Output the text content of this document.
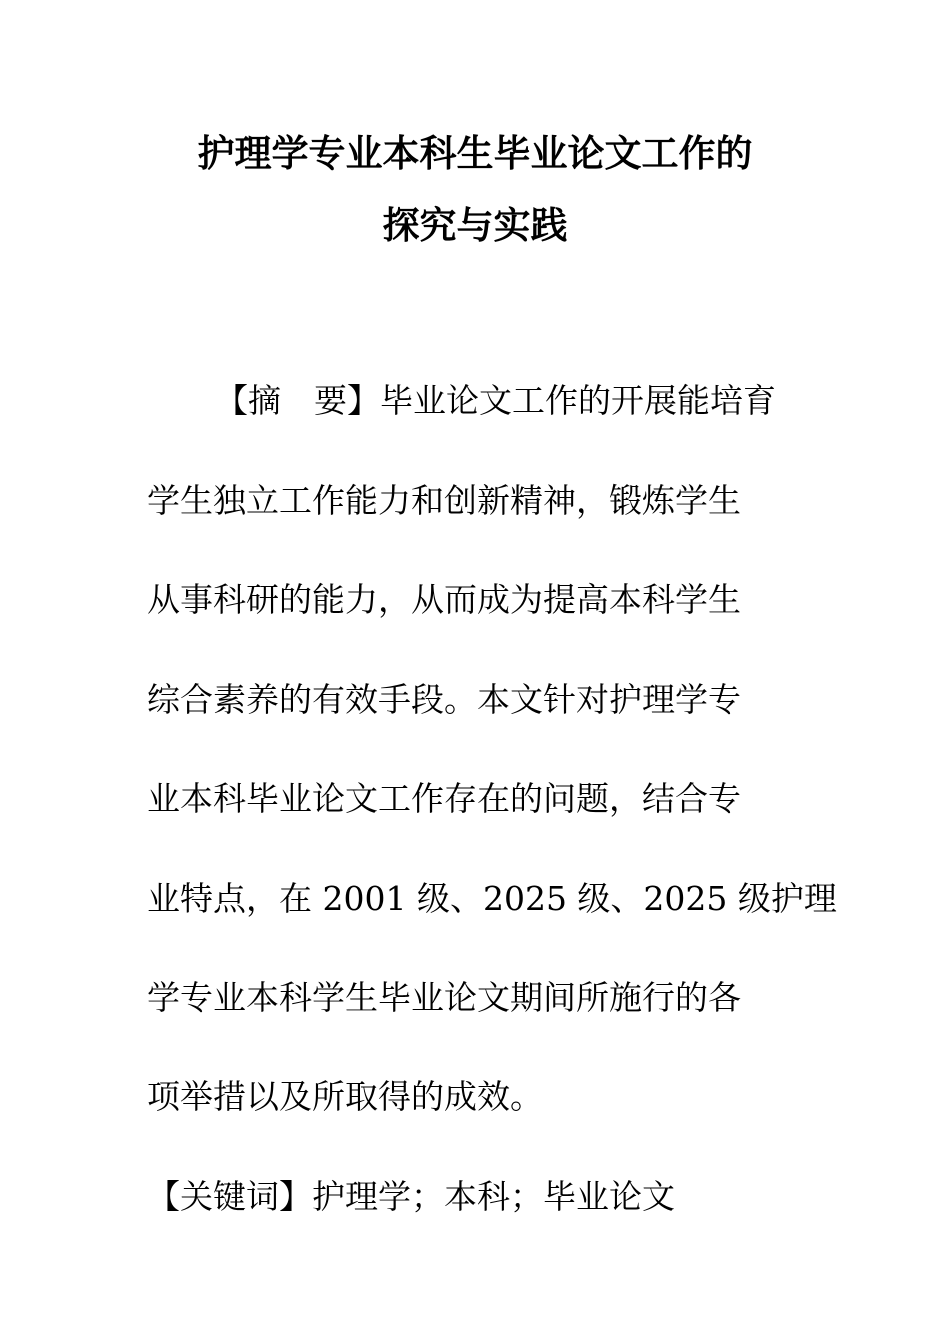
护理学专业本科生毕业论文工作的
探究与实践
【摘　要】毕业论文工作的开展能培育
学生独立工作能力和创新精神，锻炼学生
从事科研的能力，从而成为提高本科学生
综合素养的有效手段。本文针对护理学专
业本科毕业论文工作存在的问题，结合专
业特点，在 2001 级、2025 级、2025 级护理
学专业本科学生毕业论文期间所施行的各
项举措以及所取得的成效。
【关键词】护理学；本科；毕业论文
